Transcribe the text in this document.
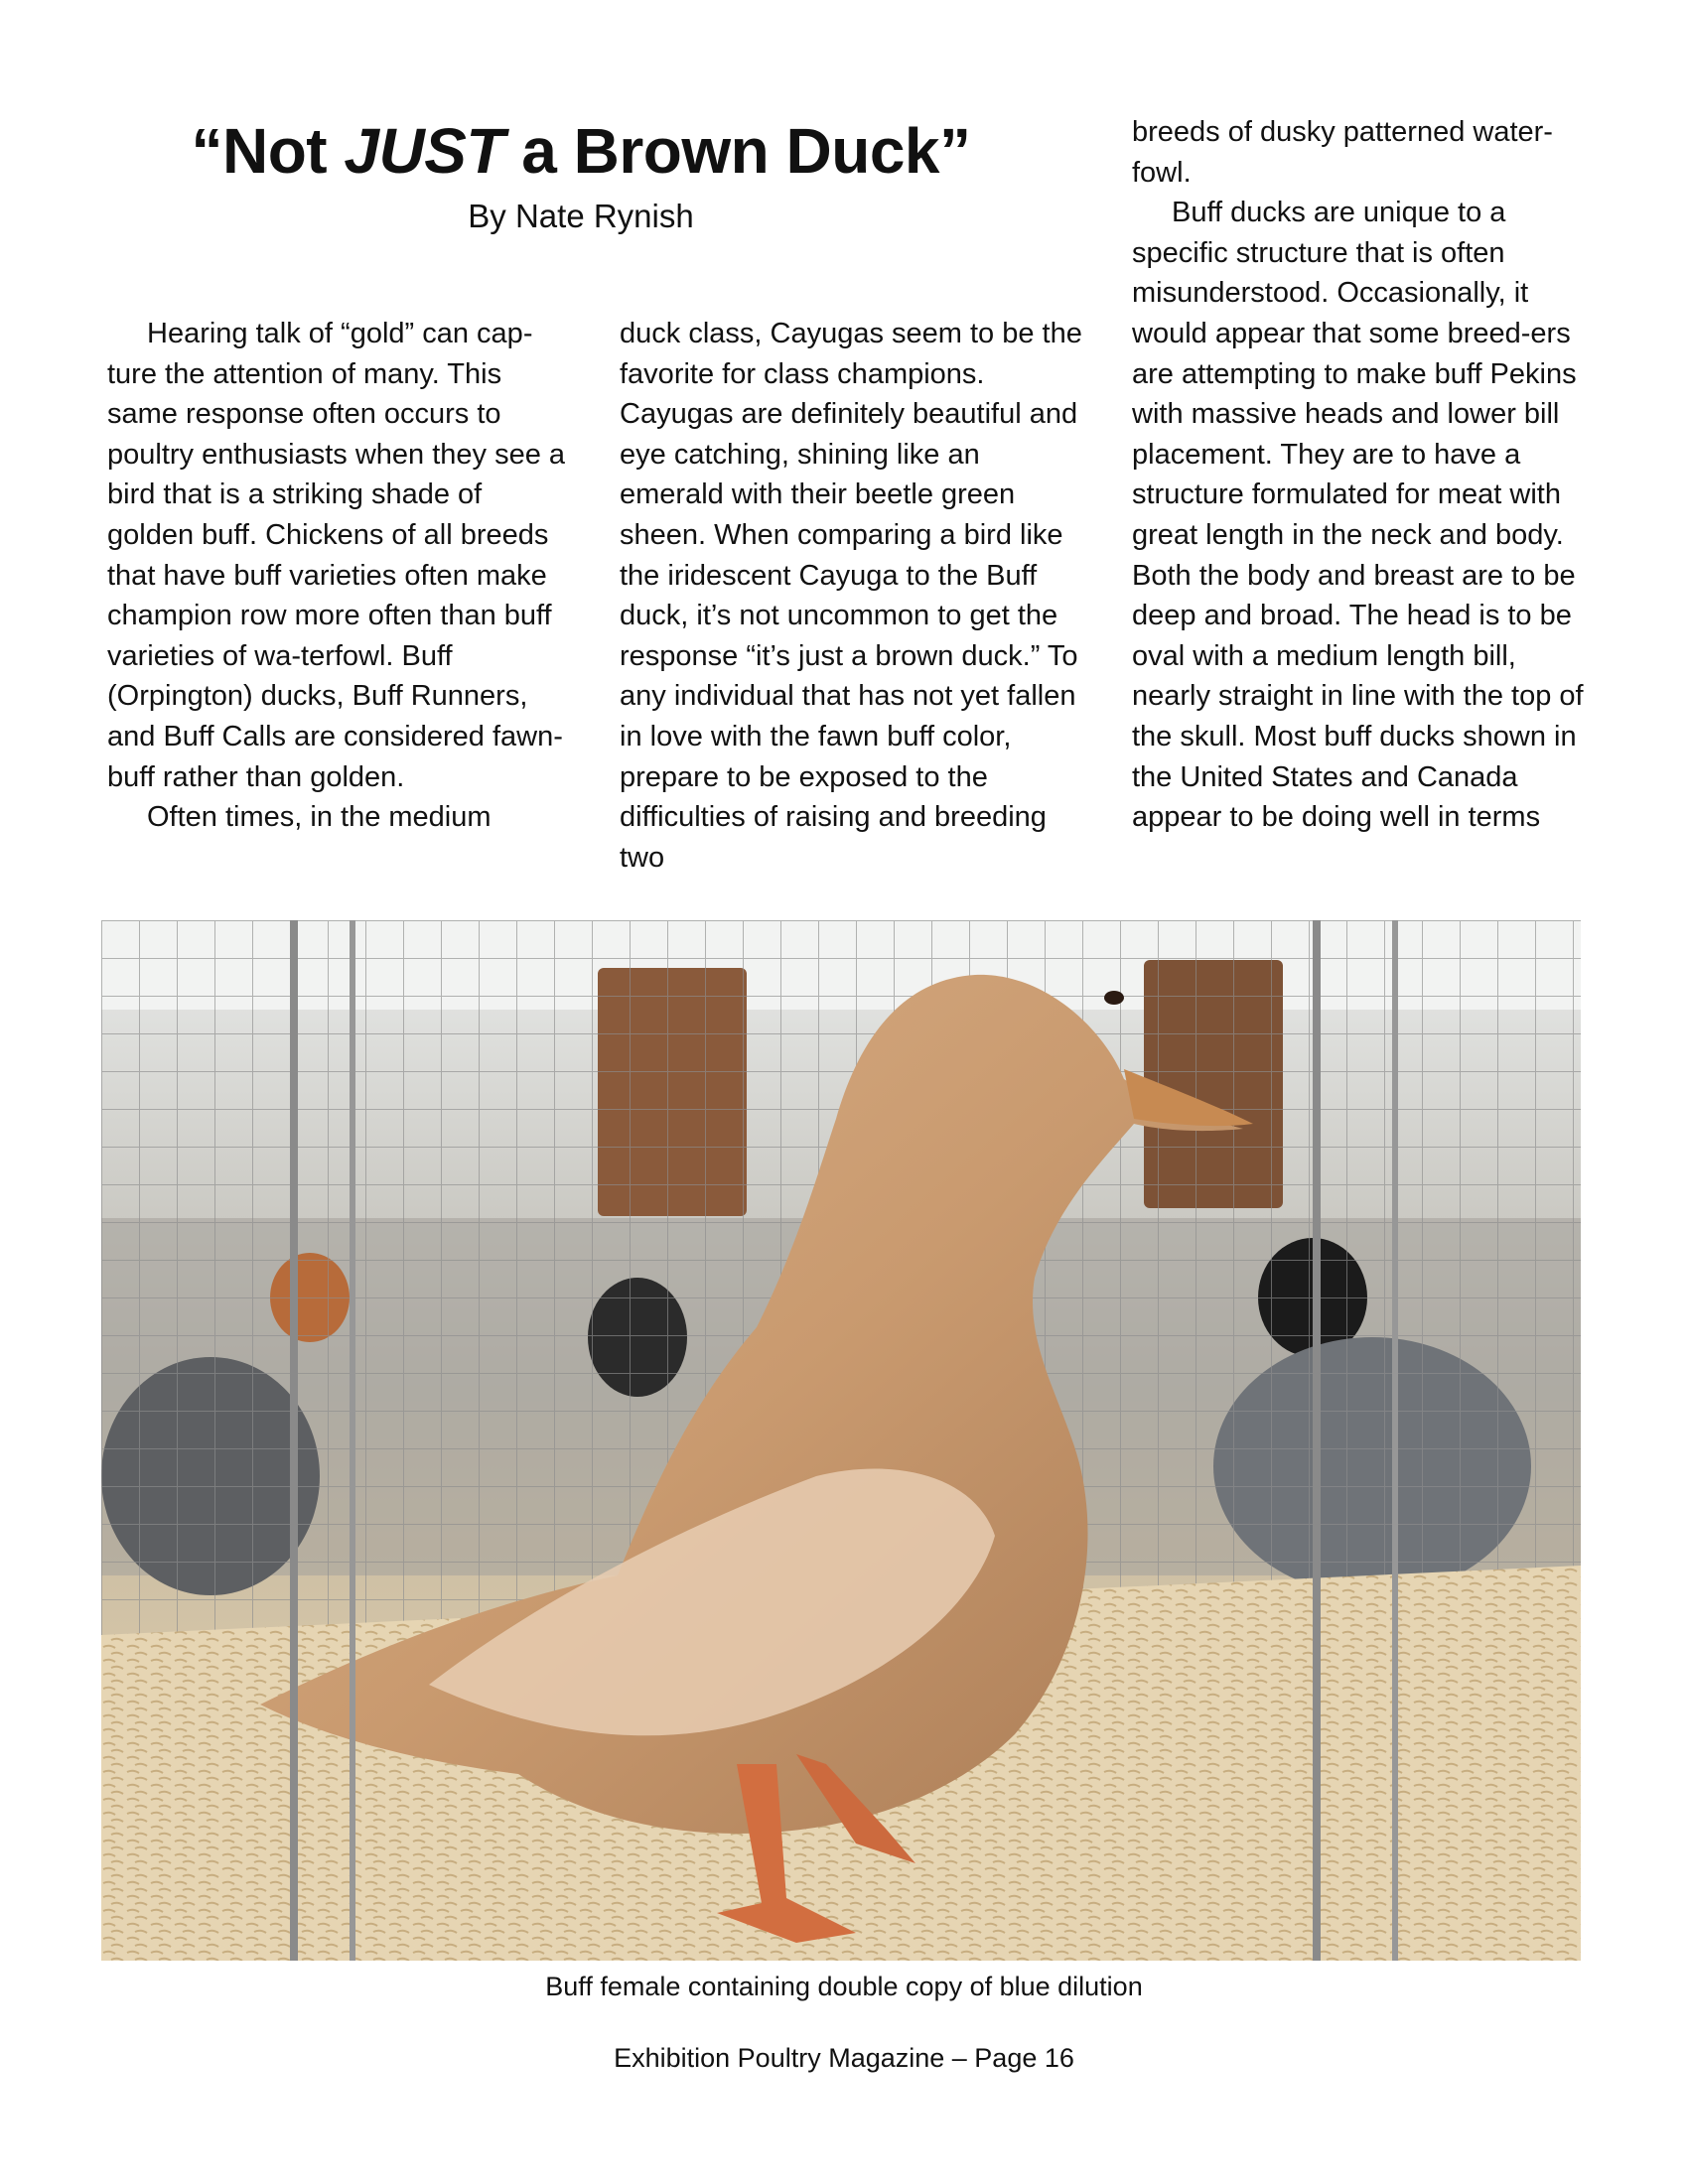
“Not JUST a Brown Duck”
By Nate Rynish

Hearing talk of “gold” can cap-ture the attention of many. This same response often occurs to poultry enthusiasts when they see a bird that is a striking shade of golden buff. Chickens of all breeds that have buff varieties often make champion row more often than buff varieties of wa-terfowl. Buff (Orpington) ducks, Buff Runners, and Buff Calls are considered fawn-buff rather than golden.

Often times, in the medium

duck class, Cayugas seem to be the favorite for class champions. Cayugas are definitely beautiful and eye catching, shining like an emerald with their beetle green sheen. When comparing a bird like the iridescent Cayuga to the Buff duck, it’s not uncommon to get the response “it’s just a brown duck.” To any individual that has not yet fallen in love with the fawn buff color, prepare to be exposed to the difficulties of raising and breeding two

breeds of dusky patterned water-fowl.

Buff ducks are unique to a specific structure that is often misunderstood. Occasionally, it would appear that some breed-ers are attempting to make buff Pekins with massive heads and lower bill placement. They are to have a structure formulated for meat with great length in the neck and body. Both the body and breast are to be deep and broad. The head is to be oval with a medium length bill, nearly straight in line with the top of the skull. Most buff ducks shown in the United States and Canada appear to be doing well in terms

Buff female containing double copy of blue dilution
Exhibition Poultry Magazine – Page 16
